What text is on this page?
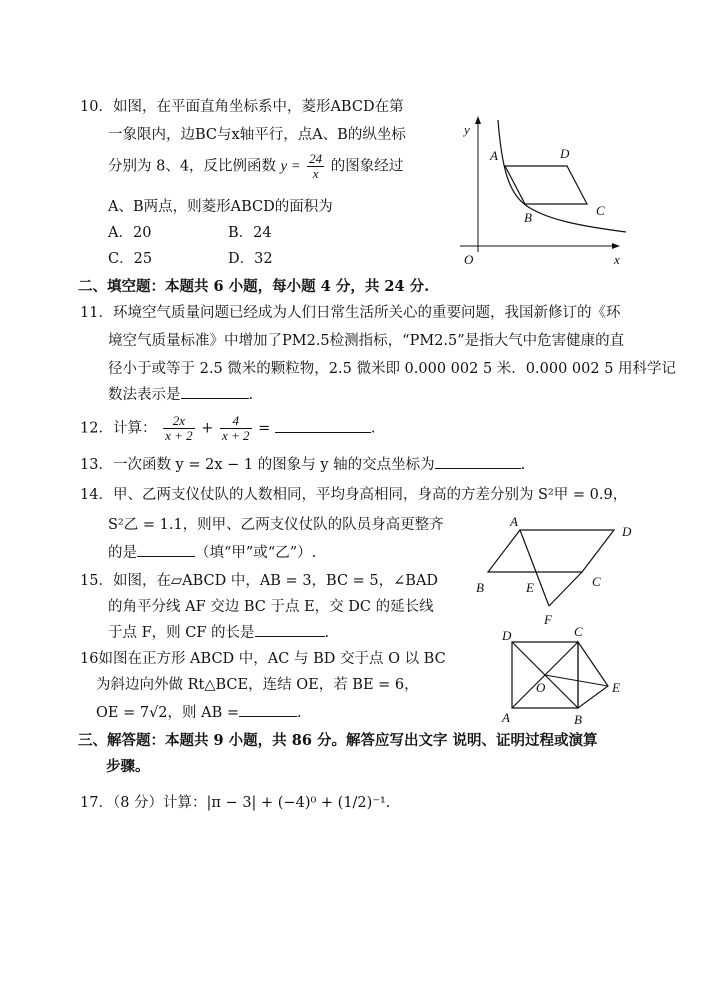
10．如图，在平面直角坐标系中，菱形ABCD在第
一象限内，边BC与x轴平行，点A、B的纵坐标
分别为 8、4，反比例函数 $y = \frac{24}{x}$ 的图象经过
A、B两点，则菱形ABCD的面积为
A．20	B．24
C．25	D．32
y
x
O
A	D
B	C
二、填空题：本题共 6 小题，每小题 4 分，共 24 分.
11．环境空气质量问题已经成为人们日常生活所关心的重要问题，我国新修订的《环
境空气质量标准》中增加了PM2.5检测指标，“PM2.5”是指大气中危害健康的直
径小于或等于 2.5 微米的颗粒物，2.5 微米即 0.000 002 5 米．0.000 002 5 用科学记
数法表示是	.
12．计算： $\frac{2x}{x + 2} + \frac{4}{x + 2}$ =	.
13．一次函数 y = 2x − 1 的图象与 y 轴的交点坐标为	.
14．甲、乙两支仪仗队的人数相同，平均身高相同，身高的方差分别为 S²甲 = 0.9，
S²乙 = 1.1，则甲、乙两支仪仗队的队员身高更整齐
的是	（填“甲”或“乙”）.
A
D
B	E	C
F
15．如图，在▱ABCD 中，AB = 3，BC = 5，∠BAD
的角平分线 AF 交边 BC 于点 E，交 DC 的延长线
于点 F，则 CF 的长是	.	D	C
O	E
A	B
16如图在正方形 ABCD 中，AC 与 BD 交于点 O 以 BC
为斜边向外做 Rt△BCE，连结 OE，若 BE = 6，
OE = 7√2，则 AB =	.
三、解答题：本题共 9 小题，共 86 分。解答应写出文字 说明、证明过程或演算
步骤。
17．（8 分）计算：|π − 3| + (−4)⁰ + (1/2)⁻¹.
